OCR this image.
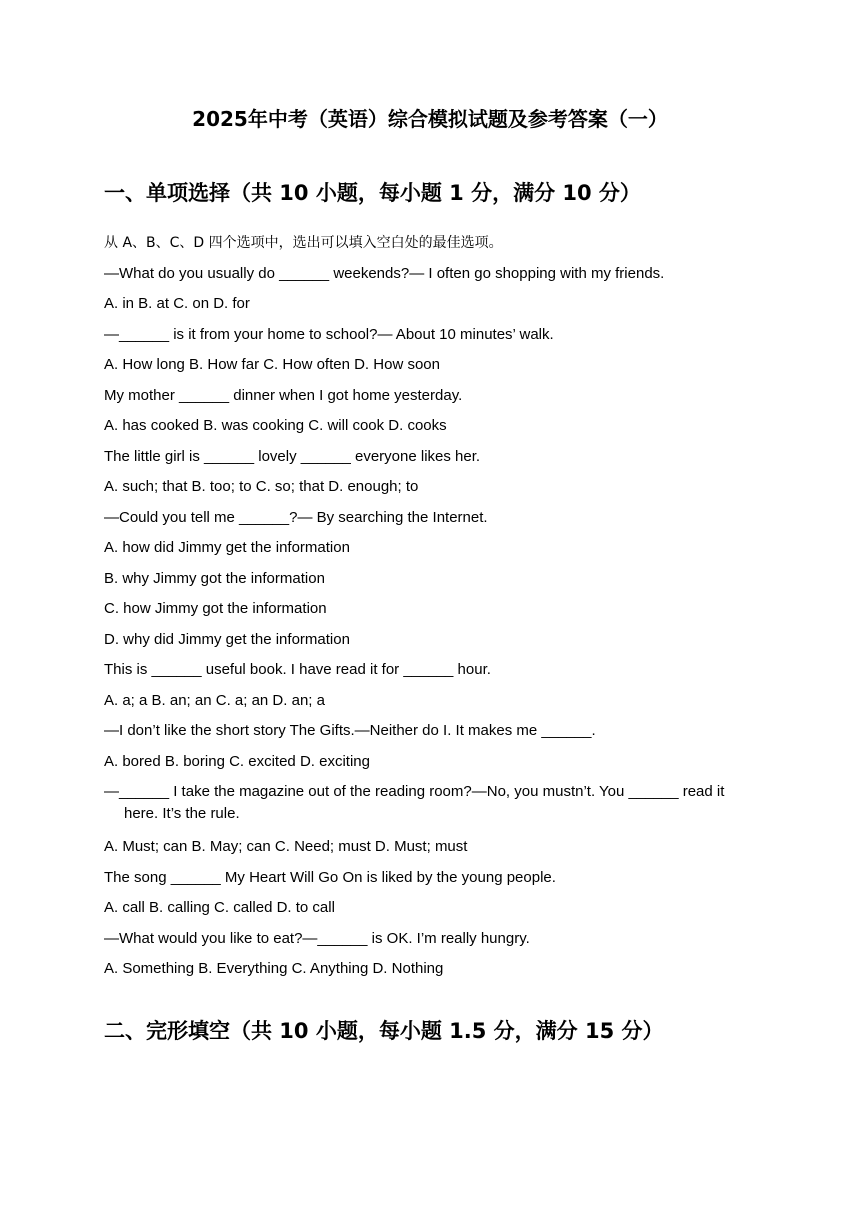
2025年中考（英语）综合模拟试题及参考答案（一）
一、单项选择（共 10 小题，每小题 1 分，满分 10 分）
从 A、B、C、D 四个选项中，选出可以填入空白处的最佳选项。
—What do you usually do ______ weekends?— I often go shopping with my friends.
A. in B. at C. on D. for
—______ is it from your home to school?— About 10 minutes’ walk.
A. How long B. How far C. How often D. How soon
My mother ______ dinner when I got home yesterday.
A. has cooked B. was cooking C. will cook D. cooks
The little girl is ______ lovely ______ everyone likes her.
A. such; that B. too; to C. so; that D. enough; to
—Could you tell me ______?— By searching the Internet.
A. how did Jimmy get the information
B. why Jimmy got the information
C. how Jimmy got the information
D. why did Jimmy get the information
This is ______ useful book. I have read it for ______ hour.
A. a; a B. an; an C. a; an D. an; a
—I don’t like the short story The Gifts.—Neither do I. It makes me ______.
A. bored B. boring C. excited D. exciting
—______ I take the magazine out of the reading room?—No, you mustn’t. You ______ read it here. It’s the rule.
A. Must; can B. May; can C. Need; must D. Must; must
The song ______ My Heart Will Go On is liked by the young people.
A. call B. calling C. called D. to call
—What would you like to eat?—______ is OK. I’m really hungry.
A. Something B. Everything C. Anything D. Nothing
二、完形填空（共 10 小题，每小题 1.5 分，满分 15 分）
